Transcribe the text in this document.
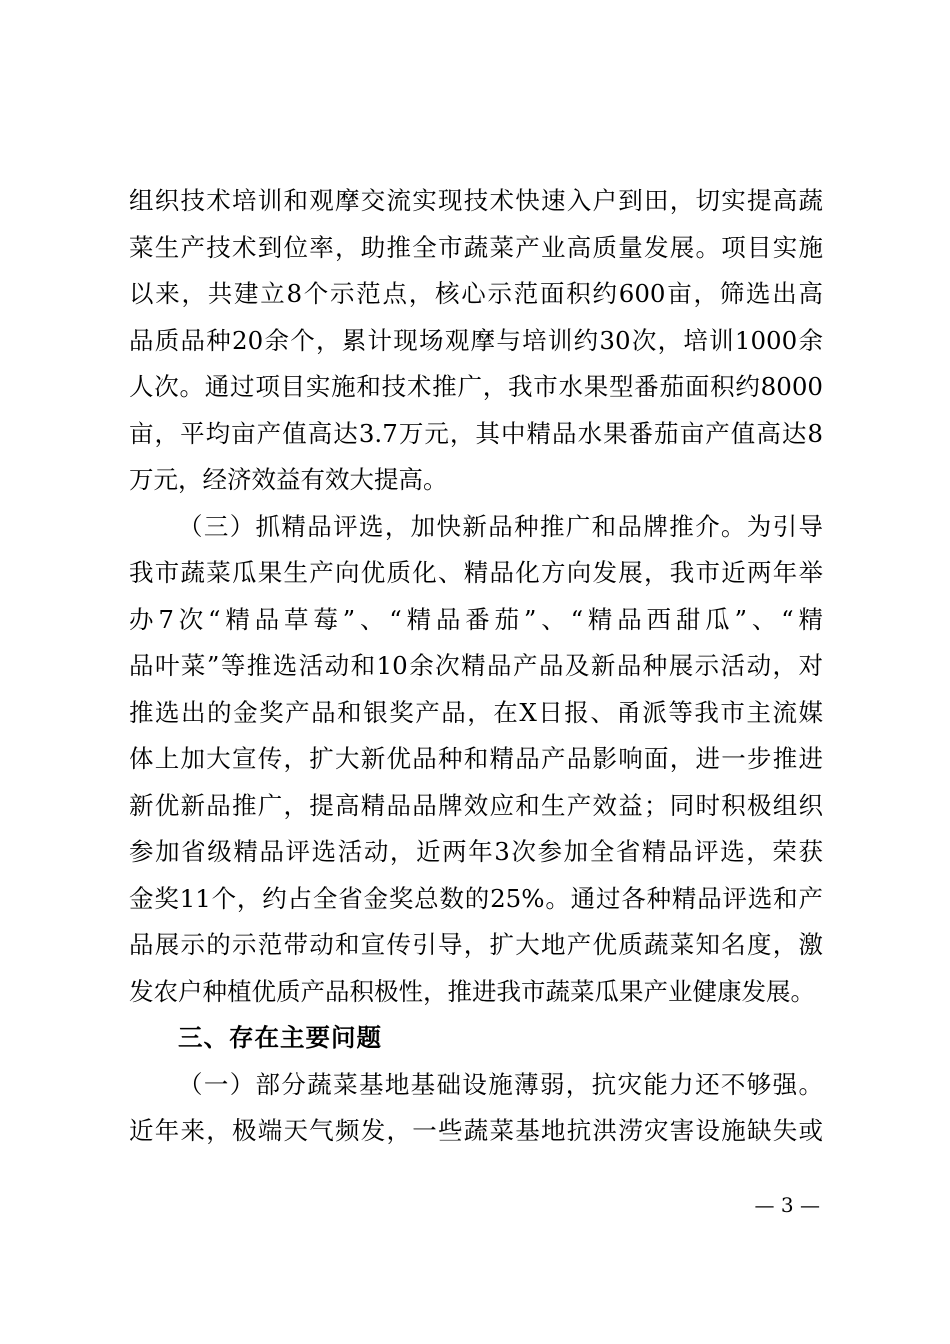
组织技术培训和观摩交流实现技术快速入户到田，切实提高蔬
菜生产技术到位率，助推全市蔬菜产业高质量发展。项目实施
以来，共建立8个示范点，核心示范面积约600亩，筛选出高
品质品种20余个，累计现场观摩与培训约30次，培训1000余
人次。通过项目实施和技术推广，我市水果型番茄面积约8000
亩，平均亩产值高达3.7万元，其中精品水果番茄亩产值高达8
万元，经济效益有效大提高。
（三）抓精品评选，加快新品种推广和品牌推介。为引导
我市蔬菜瓜果生产向优质化、精品化方向发展，我市近两年举
办7次“精品草莓”、“精品番茄”、“精品西甜瓜”、“精
品叶菜”等推选活动和10余次精品产品及新品种展示活动，对
推选出的金奖产品和银奖产品，在X日报、甬派等我市主流媒
体上加大宣传，扩大新优品种和精品产品影响面，进一步推进
新优新品推广，提高精品品牌效应和生产效益；同时积极组织
参加省级精品评选活动，近两年3次参加全省精品评选，荣获
金奖11个，约占全省金奖总数的25%。通过各种精品评选和产
品展示的示范带动和宣传引导，扩大地产优质蔬菜知名度，激
发农户种植优质产品积极性，推进我市蔬菜瓜果产业健康发展。
三、存在主要问题
（一）部分蔬菜基地基础设施薄弱，抗灾能力还不够强。
近年来，极端天气频发，一些蔬菜基地抗洪涝灾害设施缺失或
— 3 —
